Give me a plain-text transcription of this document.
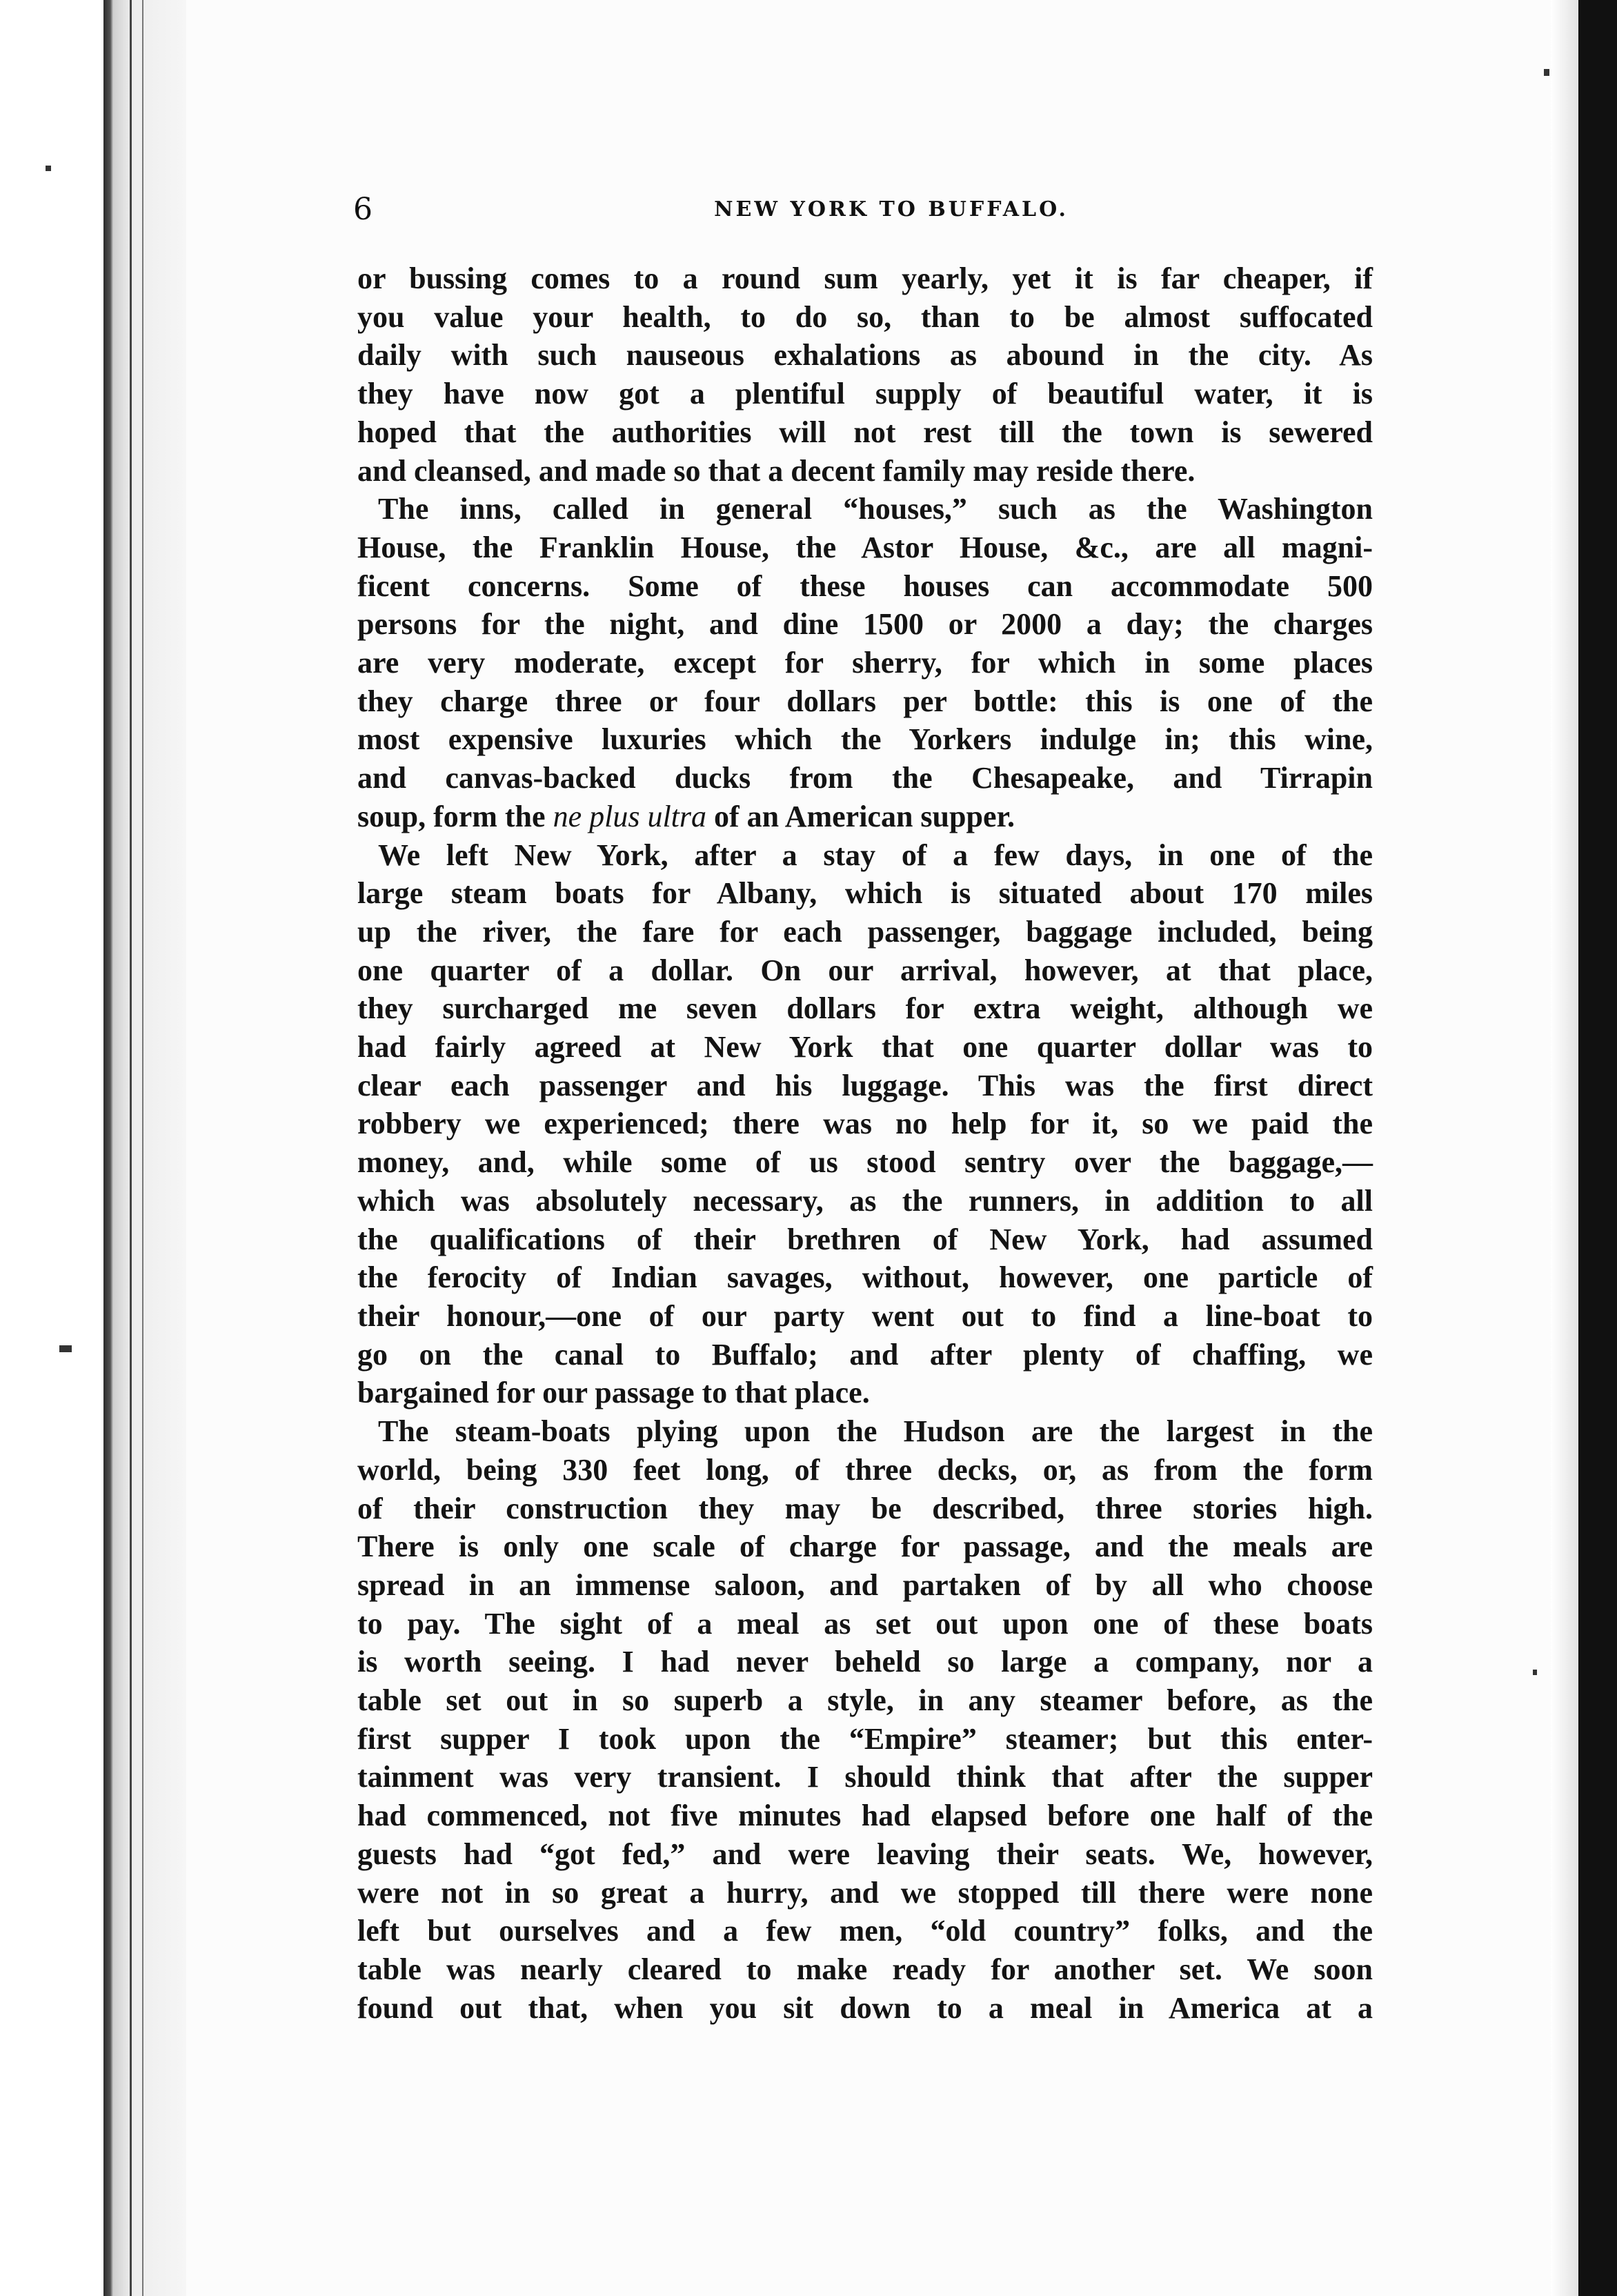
6	NEW YORK TO BUFFALO.
or bussing comes to a round sum yearly, yet it is far cheaper, if
you value your health, to do so, than to be almost suffocated
daily with such nauseous exhalations as abound in the city. As
they have now got a plentiful supply of beautiful water, it is
hoped that the authorities will not rest till the town is sewered
and cleansed, and made so that a decent family may reside there.
The inns, called in general “houses,” such as the Washington
House, the Franklin House, the Astor House, &c., are all magni-
ficent concerns. Some of these houses can accommodate 500
persons for the night, and dine 1500 or 2000 a day; the charges
are very moderate, except for sherry, for which in some places
they charge three or four dollars per bottle: this is one of the
most expensive luxuries which the Yorkers indulge in; this wine,
and canvas-backed ducks from the Chesapeake, and Tirrapin
soup, form the ne plus ultra of an American supper.
We left New York, after a stay of a few days, in one of the
large steam boats for Albany, which is situated about 170 miles
up the river, the fare for each passenger, baggage included, being
one quarter of a dollar. On our arrival, however, at that place,
they surcharged me seven dollars for extra weight, although we
had fairly agreed at New York that one quarter dollar was to
clear each passenger and his luggage. This was the first direct
robbery we experienced; there was no help for it, so we paid the
money, and, while some of us stood sentry over the baggage,—
which was absolutely necessary, as the runners, in addition to all
the qualifications of their brethren of New York, had assumed
the ferocity of Indian savages, without, however, one particle of
their honour,—one of our party went out to find a line-boat to
go on the canal to Buffalo; and after plenty of chaffing, we
bargained for our passage to that place.
The steam-boats plying upon the Hudson are the largest in the
world, being 330 feet long, of three decks, or, as from the form
of their construction they may be described, three stories high.
There is only one scale of charge for passage, and the meals are
spread in an immense saloon, and partaken of by all who choose
to pay. The sight of a meal as set out upon one of these boats
is worth seeing. I had never beheld so large a company, nor a
table set out in so superb a style, in any steamer before, as the
first supper I took upon the “Empire” steamer; but this enter-
tainment was very transient. I should think that after the supper
had commenced, not five minutes had elapsed before one half of the
guests had “got fed,” and were leaving their seats. We, however,
were not in so great a hurry, and we stopped till there were none
left but ourselves and a few men, “old country” folks, and the
table was nearly cleared to make ready for another set. We soon
found out that, when you sit down to a meal in America at a
